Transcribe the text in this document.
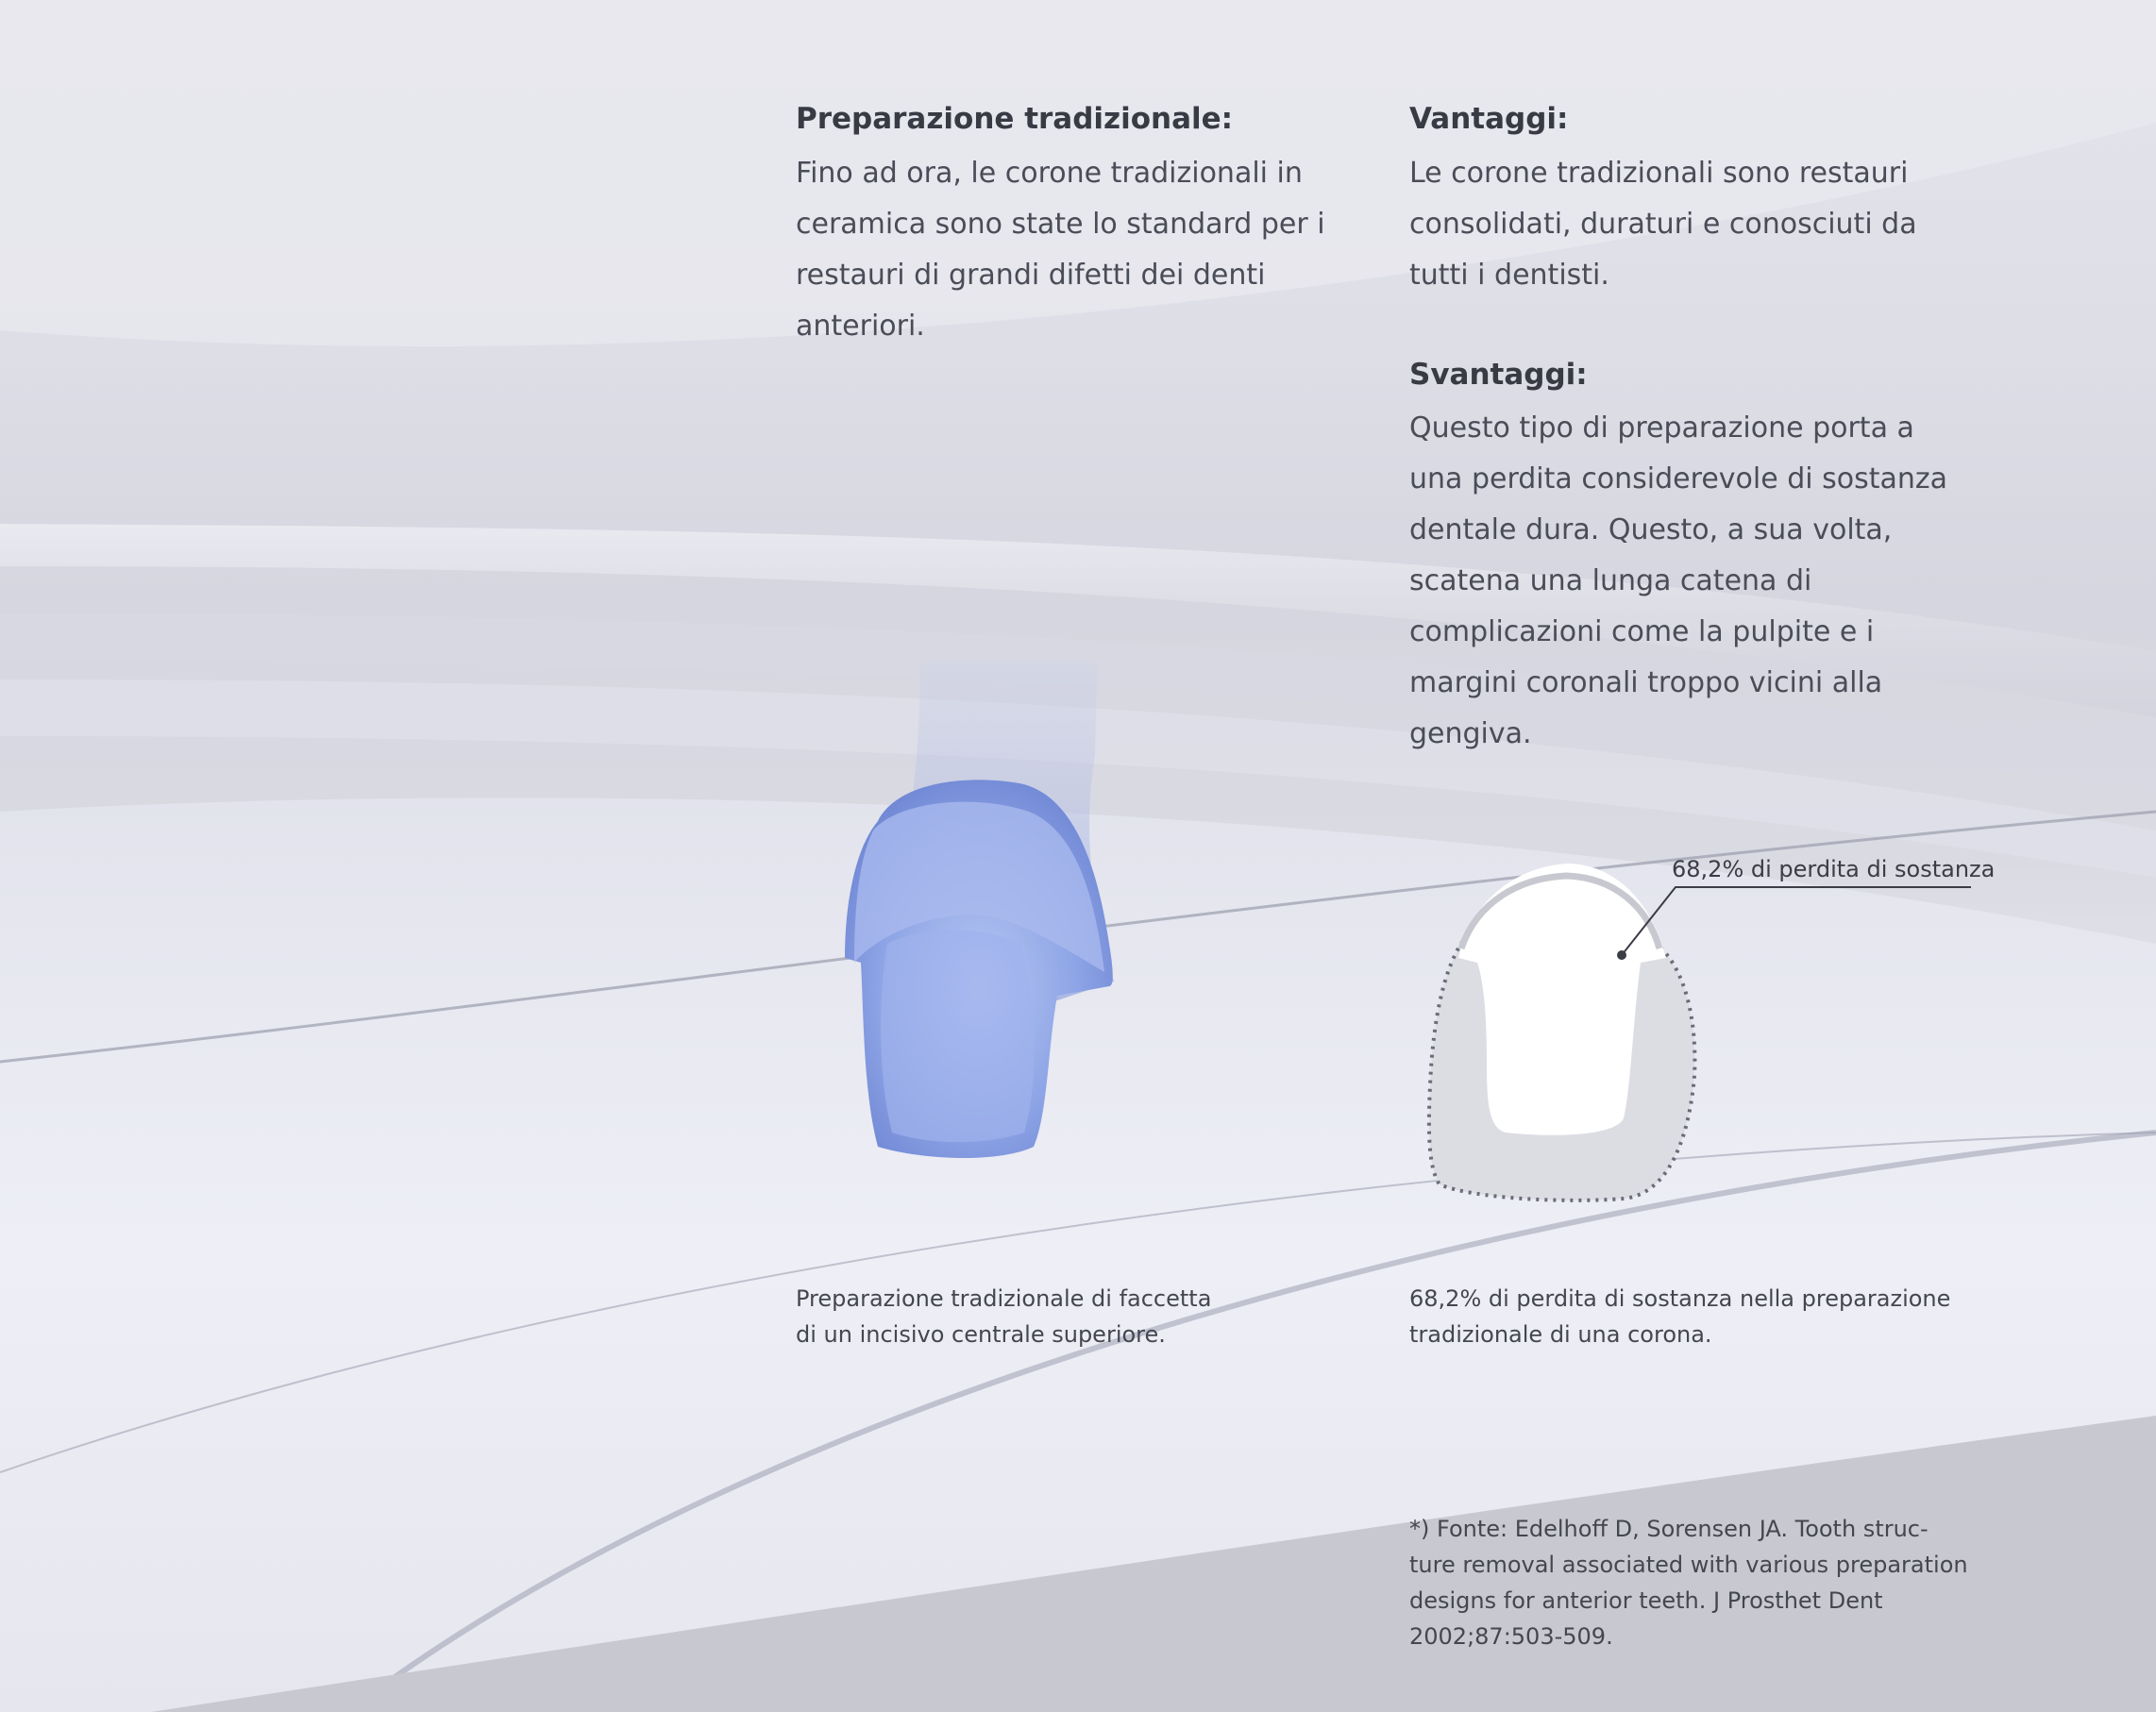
Preparazione tradizionale:
Fino ad ora, le corone tradizionali in ceramica sono state lo standard per i restauri di grandi difetti dei denti anteriori.
Vantaggi:
Le corone tradizionali sono restauri consolidati, duraturi e conosciuti da tutti i dentisti.
Svantaggi:
Questo tipo di preparazione porta a una perdita considerevole di sostanza dentale dura. Questo, a sua volta, scatena una lunga catena di complicazioni come la pulpite e i margini coronali troppo vicini alla gengiva.
68,2% di perdita di sostanza
Preparazione tradizionale di faccetta
di un incisivo centrale superiore.
68,2% di perdita di sostanza nella preparazione
tradizionale di una corona.
*) Fonte: Edelhoff D, Sorensen JA. Tooth struc-
ture removal associated with various preparation
designs for anterior teeth. J Prosthet Dent
2002;87:503-509.
